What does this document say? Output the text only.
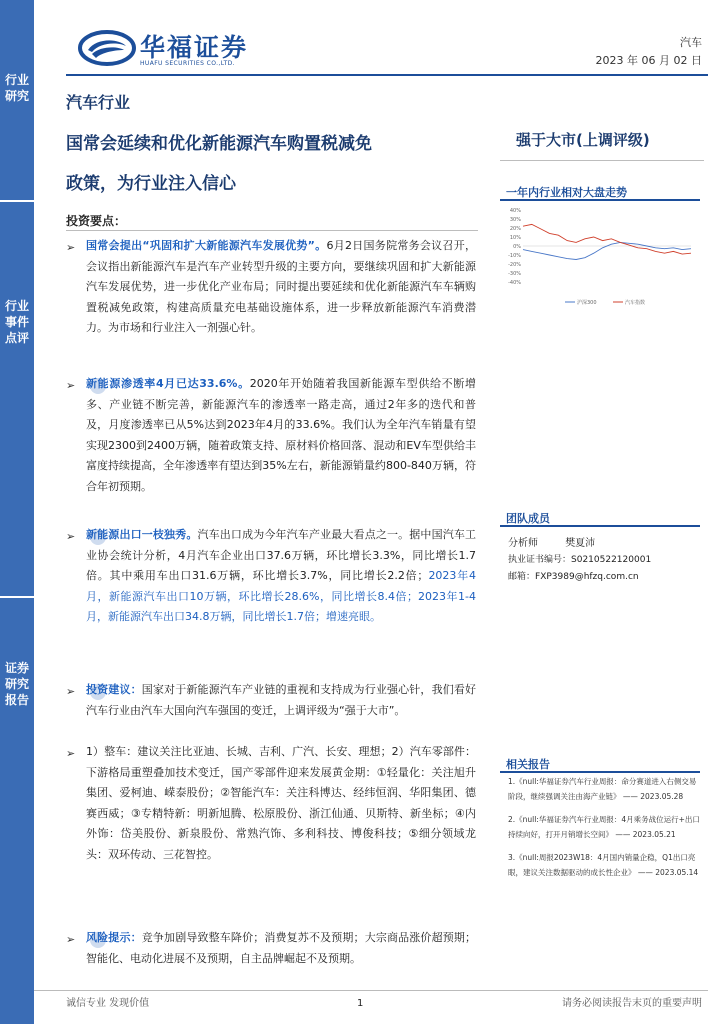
行业研究
行业事件点评
证券研究报告
华福证券
HUAFU SECURITIES CO.,LTD.
汽车
2023 年 06 月 02 日
汽车行业
国常会延续和优化新能源汽车购置税减免
政策，为行业注入信心
强于大市(上调评级)
投资要点：
➢ 国常会提出“巩固和扩大新能源汽车发展优势”。6月2日国务院常务会议召开，会议指出新能源汽车是汽车产业转型升级的主要方向，要继续巩固和扩大新能源汽车发展优势，进一步优化产业布局；同时提出要延续和优化新能源汽车车辆购置税减免政策，构建高质量充电基础设施体系，进一步释放新能源汽车消费潜力。为市场和行业注入一剂强心针。
➢ 新能源渗透率4月已达33.6%。2020年开始随着我国新能源车型供给不断增多、产业链不断完善，新能源汽车的渗透率一路走高，通过2年多的迭代和普及，月度渗透率已从5%达到2023年4月的33.6%。我们认为全年汽车销量有望实现2300到2400万辆，随着政策支持、原材料价格回落、混动和EV车型供给丰富度持续提高，全年渗透率有望达到35%左右，新能源销量约800-840万辆，符合年初预期。
➢ 新能源出口一枝独秀。汽车出口成为今年汽车产业最大看点之一。据中国汽车工业协会统计分析，4月汽车企业出口37.6万辆，环比增长3.3%，同比增长1.7倍。其中乘用车出口31.6万辆，环比增长3.7%，同比增长2.2倍；2023年4月，新能源汽车出口10万辆，环比增长28.6%，同比增长8.4倍；2023年1-4月，新能源汽车出口34.8万辆，同比增长1.7倍；增速亮眼。
➢ 投资建议：国家对于新能源汽车产业链的重视和支持成为行业强心针，我们看好汽车行业由汽车大国向汽车强国的变迁，上调评级为“强于大市”。
➢ 1）整车：建议关注比亚迪、长城、吉利、广汽、长安、理想；2）汽车零部件：下游格局重塑叠加技术变迁，国产零部件迎来发展黄金期：①轻量化：关注旭升集团、爱柯迪、嵘泰股份；②智能汽车：关注科博达、经纬恒润、华阳集团、德赛西威；③专精特新：明新旭腾、松原股份、浙江仙通、贝斯特、新坐标；④内外饰：岱美股份、新泉股份、常熟汽饰、多利科技、博俊科技；⑤细分领域龙头：双环传动、三花智控。
➢ 风险提示：竞争加剧导致整车降价；消费复苏不及预期；大宗商品涨价超预期；智能化、电动化进展不及预期，自主品牌崛起不及预期。
一年内行业相对大盘走势
40%
30%
20%
10%
0%
-10%
-20%
-30%
-40%
沪深300	汽车指数
团队成员
分析师	樊夏沛
执业证书编号：S0210522120001
邮箱：FXP3989@hfzq.com.cn
相关报告
1.《null:华福证券汽车行业周报：命分赛道进入右侧交易阶段，继续强调关注由海产业链》 —— 2023.05.28
2.《null:华福证券汽车行业周报：4月乘务战位运行+出口持续向好，打开月销增长空间》 —— 2023.05.21
3.《null:周报2023W18：4月国内销量企稳，Q1出口亮眼，建议关注数据驱动的成长性企业》 —— 2023.05.14
诚信专业 发现价值	1	请务必阅读报告末页的重要声明
